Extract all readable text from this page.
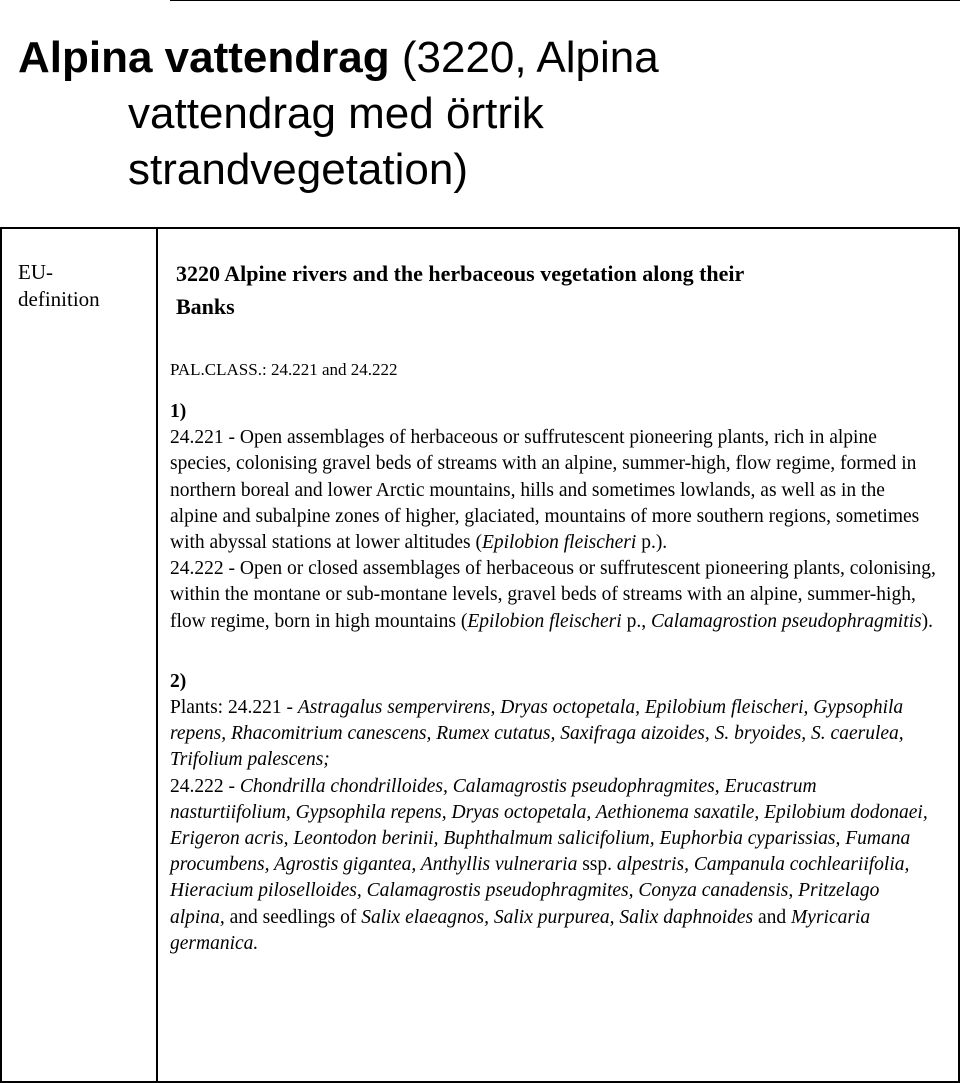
Alpina vattendrag (3220, Alpina
vattendrag med örtrik
strandvegetation)
EU-
definition

3220 Alpine rivers and the herbaceous vegetation along their
Banks
PAL.CLASS.: 24.221 and 24.222
1)

24.221 - Open assemblages of herbaceous or suffrutescent pioneering plants, rich in alpine species, colonising gravel beds of streams with an alpine, summer-high, flow regime, formed in northern boreal and lower Arctic mountains, hills and sometimes lowlands, as well as in the alpine and subalpine zones of higher, glaciated, mountains of more southern regions, sometimes with abyssal stations at lower altitudes (Epilobion fleischeri p.).

24.222 - Open or closed assemblages of herbaceous or suffrutescent pioneering plants, colonising, within the montane or sub-montane levels, gravel beds of streams with an alpine, summer-high, flow regime, born in high mountains (Epilobion fleischeri p., Calamagrostion pseudophragmitis).

2)

Plants: 24.221 - Astragalus sempervirens, Dryas octopetala, Epilobium fleischeri, Gypsophila repens, Rhacomitrium canescens, Rumex cutatus, Saxifraga aizoides, S. bryoides, S. caerulea, Trifolium palescens;

24.222 - Chondrilla chondrilloides, Calamagrostis pseudophragmites, Erucastrum nasturtiifolium, Gypsophila repens, Dryas octopetala, Aethionema saxatile, Epilobium dodonaei, Erigeron acris, Leontodon berinii, Buphthalmum salicifolium, Euphorbia cyparissias, Fumana procumbens, Agrostis gigantea, Anthyllis vulneraria ssp. alpestris, Campanula cochleariifolia, Hieracium piloselloides, Calamagrostis pseudophragmites, Conyza canadensis, Pritzelago alpina, and seedlings of Salix elaeagnos, Salix purpurea, Salix daphnoides and Myricaria germanica.
